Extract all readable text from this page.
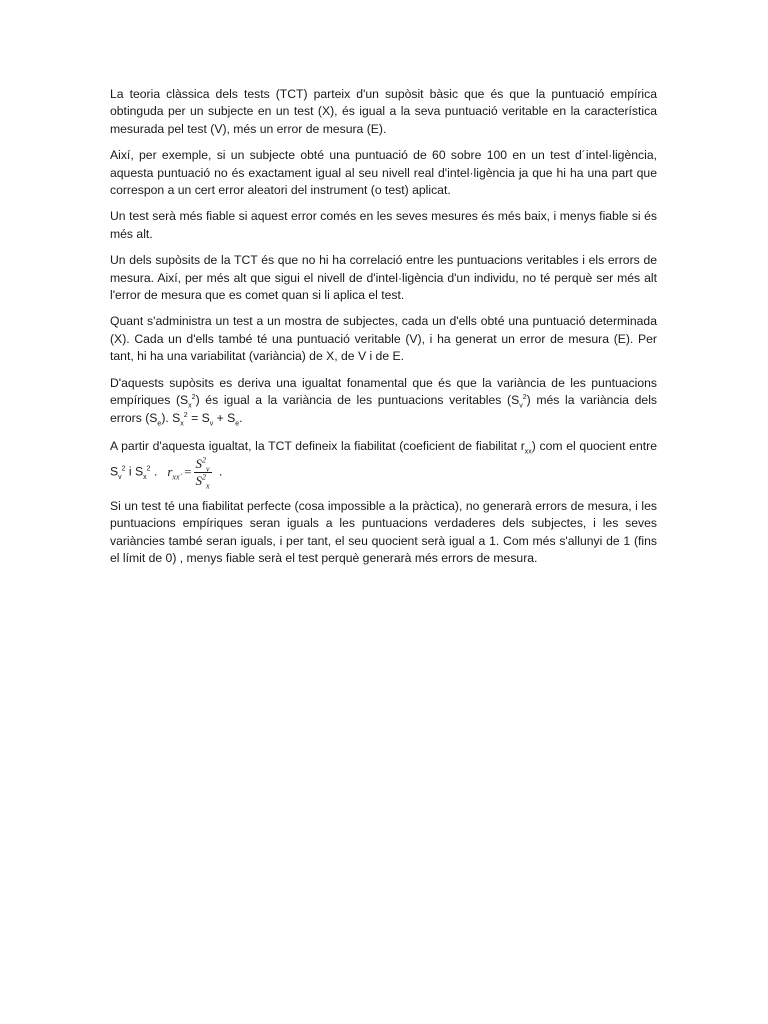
La teoria clàssica dels tests (TCT) parteix d'un supòsit bàsic que és que la puntuació empírica obtinguda per un subjecte en un test (X), és igual a la seva puntuació veritable en la característica mesurada pel test (V), més un error de mesura (E).

Així, per exemple, si un subjecte obté una puntuació de 60 sobre 100 en un test d´intel·ligència, aquesta puntuació no és exactament igual al seu nivell real d'intel·ligència ja que hi ha una part que correspon a un cert error aleatori del instrument (o test) aplicat.

Un test serà més fiable si aquest error comés en les seves mesures és més baix, i menys fiable si és més alt.

Un dels supòsits de la TCT és que no hi ha correlació entre les puntuacions veritables i els errors de mesura. Així, per més alt que sigui el nivell de d'intel·ligència d'un individu, no té perquè ser més alt l'error de mesura que es comet quan si li aplica el test.

Quant s'administra un test a un mostra de subjectes, cada un d'ells obté una puntuació determinada (X). Cada un d'ells també té una puntuació veritable (V), i ha generat un error de mesura (E). Per tant, hi ha una variabilitat (variància) de X, de V i de E.

D'aquests supòsits es deriva una igualtat fonamental que és que la variància de les puntuacions empíriques $(S_x^2)$ és igual a la variància de les puntuacions veritables $(S_v^2)$ més la variància dels errors $(S_e)$. $S_x^2 = S_v + S_e$.

A partir d'aquesta igualtat, la TCT defineix la fiabilitat (coeficient de fiabilitat $r_{xx}$) com el quocient entre $S_v^2$ i $S_x^2$ . $r_{xx´} = \frac{S^2_v}{S^2_x}$ .

Si un test té una fiabilitat perfecte (cosa impossible a la pràctica), no generarà errors de mesura, i les puntuacions empíriques seran iguals a les puntuacions verdaderes dels subjectes, i les seves variàncies també seran iguals, i per tant, el seu quocient serà igual a 1. Com més s'allunyi de 1 (fins el límit de 0) , menys fiable serà el test perquè generarà més errors de mesura.
